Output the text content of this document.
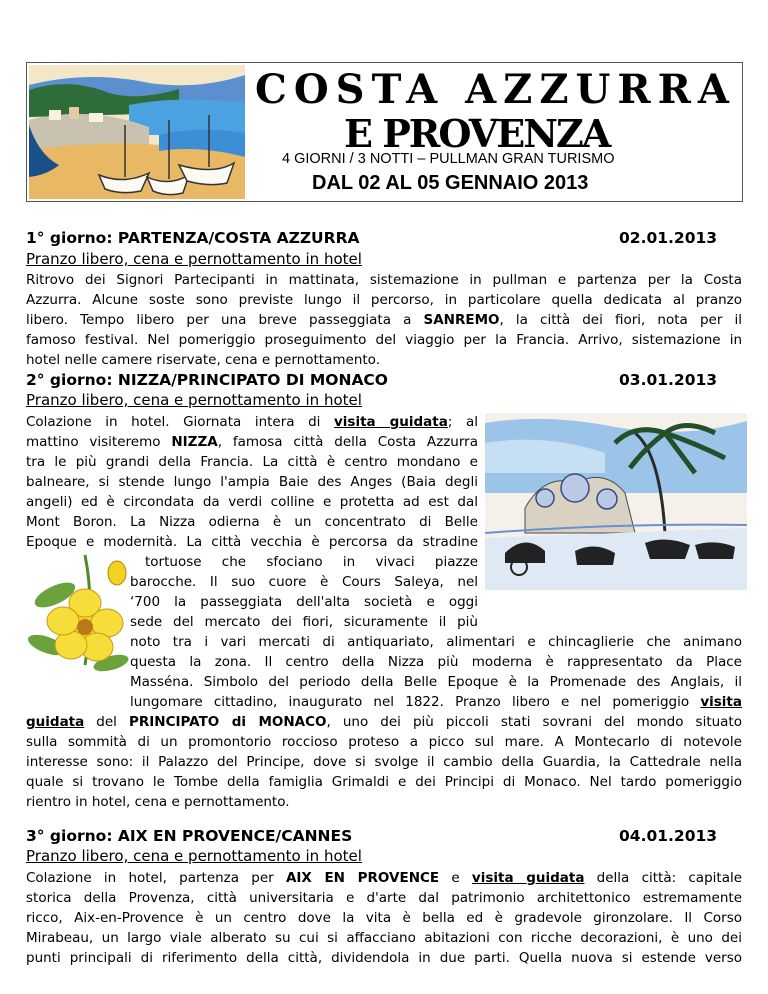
COSTA AZZURRA
E PROVENZA
4 GIORNI / 3 NOTTI – PULLMAN GRAN TURISMO
DAL 02 AL 05 GENNAIO 2013
1° giorno: PARTENZA/COSTA AZZURRA	02.01.2013
Pranzo libero, cena e pernottamento in hotel
Ritrovo dei Signori Partecipanti in mattinata, sistemazione in pullman e partenza per la Costa
Azzurra. Alcune soste sono previste lungo il percorso, in particolare quella dedicata al pranzo
libero. Tempo libero per una breve passeggiata a SANREMO, la città dei fiori, nota per il
famoso festival. Nel pomeriggio proseguimento del viaggio per la Francia. Arrivo, sistemazione in
hotel nelle camere riservate, cena e pernottamento.
2° giorno: NIZZA/PRINCIPATO DI MONACO	03.01.2013
Pranzo libero, cena e pernottamento in hotel
Colazione in hotel. Giornata intera di visita guidata; al
mattino visiteremo NIZZA, famosa città della Costa Azzurra
tra le più grandi della Francia. La città è centro mondano e
balneare, si stende lungo l'ampia Baie des Anges (Baia degli
angeli) ed è circondata da verdi colline e protetta ad est dal
Mont Boron. La Nizza odierna è un concentrato di Belle
Epoque e modernità. La città vecchia è percorsa da stradine
tortuose che sfociano in vivaci piazze
barocche. Il suo cuore è Cours Saleya, nel
‘700 la passeggiata dell'alta società e oggi
sede del mercato dei fiori, sicuramente il più
noto tra i vari mercati di antiquariato, alimentari e chincaglierie che animano
questa la zona. Il centro della Nizza più moderna è rappresentato da Place
Masséna. Simbolo del periodo della Belle Epoque è la Promenade des Anglais, il
lungomare cittadino, inaugurato nel 1822. Pranzo libero e nel pomeriggio visita
guidata del PRINCIPATO di MONACO, uno dei più piccoli stati sovrani del mondo situato
sulla sommità di un promontorio roccioso proteso a picco sul mare. A Montecarlo di notevole
interesse sono: il Palazzo del Principe, dove si svolge il cambio della Guardia, la Cattedrale nella
quale si trovano le Tombe della famiglia Grimaldi e dei Principi di Monaco. Nel tardo pomeriggio
rientro in hotel, cena e pernottamento.
3° giorno: AIX EN PROVENCE/CANNES	04.01.2013
Pranzo libero, cena e pernottamento in hotel
Colazione in hotel, partenza per AIX EN PROVENCE e visita guidata della città: capitale
storica della Provenza, città universitaria e d'arte dal patrimonio architettonico estremamente
ricco, Aix-en-Provence è un centro dove la vita è bella ed è gradevole gironzolare. Il Corso
Mirabeau, un largo viale alberato su cui si affacciano abitazioni con ricche decorazioni, è uno dei
punti principali di riferimento della città, dividendola in due parti. Quella nuova si estende verso
